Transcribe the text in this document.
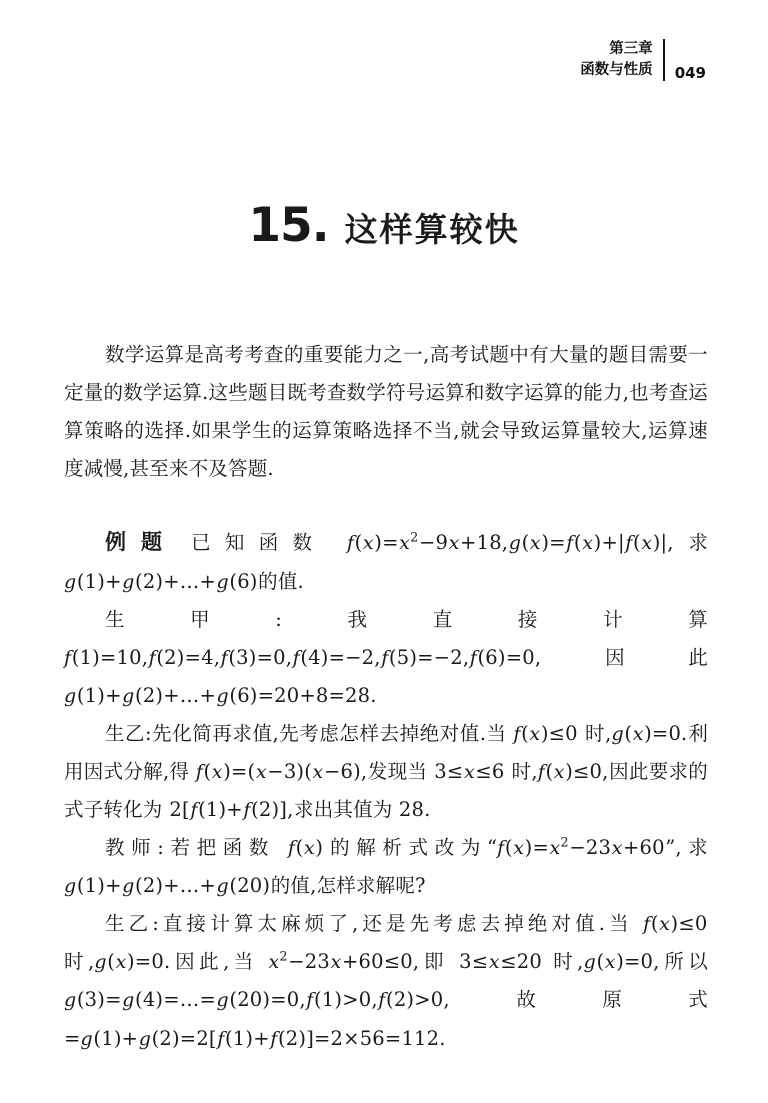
第三章
函数与性质 049
15. 这样算较快

数学运算是高考考查的重要能力之一,高考试题中有大量的题目需要一定量的数学运算.这些题目既考查数学符号运算和数字运算的能力,也考查运算策略的选择.如果学生的运算策略选择不当,就会导致运算量较大,运算速度减慢,甚至来不及答题.

例题 已知函数 $f(x)=x^2-9x+18,g(x)=f(x)+|f(x)|$,求 g(1)+g(2)+…+g(6)的值.

生甲:我直接计算 f(1)=10,f(2)=4,f(3)=0,f(4)=−2,f(5)=−2,f(6)=0,因此 g(1)+g(2)+…+g(6)=20+8=28.

生乙:先化简再求值,先考虑怎样去掉绝对值.当 f(x)≤0 时,g(x)=0.利用因式分解,得 f(x)=(x−3)(x−6),发现当 3≤x≤6 时,f(x)≤0,因此要求的式子转化为 2[f(1)+f(2)],求出其值为 28.

教师:若把函数 f(x)的解析式改为“$f(x)=x^2-23x+60$”,求 g(1)+g(2)+…+g(20)的值,怎样求解呢?

生乙:直接计算太麻烦了,还是先考虑去掉绝对值.当 f(x)≤0 时,g(x)=0.因此,当 $x^2-23x+60\le 0$,即 3≤x≤20 时,g(x)=0,所以 g(3)=g(4)=…=g(20)=0,f(1)>0,f(2)>0,故原式=g(1)+g(2)=2[f(1)+f(2)]=2×56=112.
